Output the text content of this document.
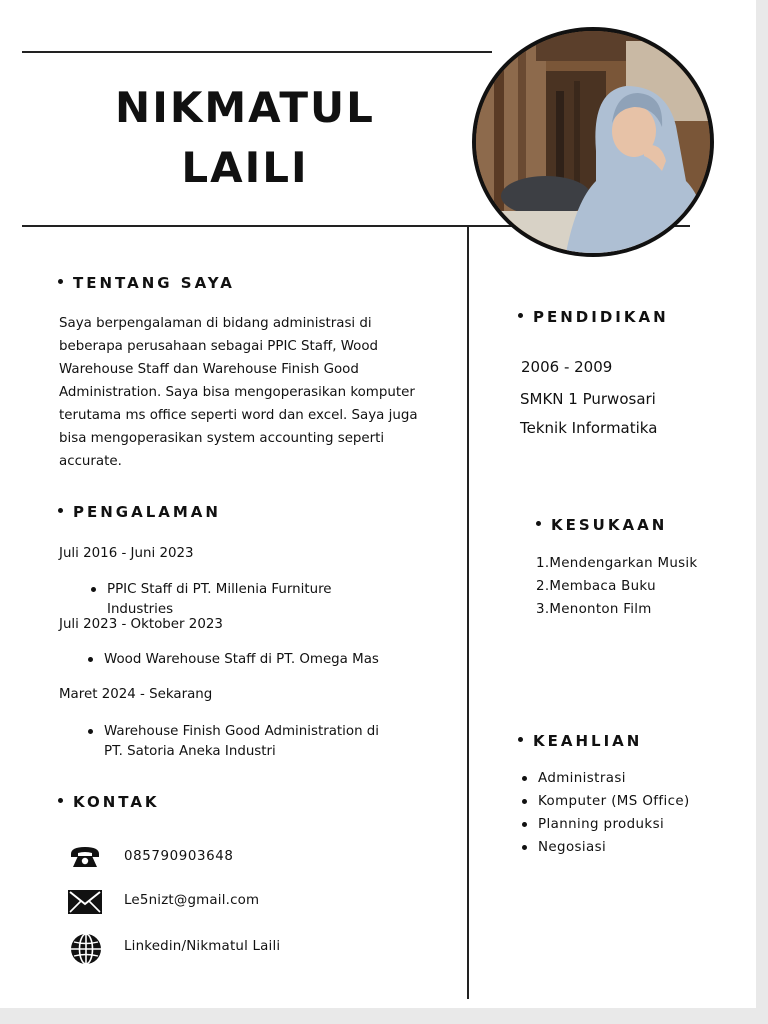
NIKMATUL
LAILI
TENTANG SAYA
Saya berpengalaman di bidang administrasi di
beberapa perusahaan sebagai PPIC Staff, Wood
Warehouse Staff dan Warehouse Finish Good
Administration. Saya bisa mengoperasikan komputer
terutama ms office seperti word dan excel. Saya juga
bisa mengoperasikan system accounting seperti
accurate.
PENGALAMAN
Juli 2016 - Juni 2023
PPIC Staff di PT. Millenia Furniture
Industries
Juli 2023 - Oktober 2023
Wood Warehouse Staff di PT. Omega Mas
Maret 2024 - Sekarang
Warehouse Finish Good Administration di
PT. Satoria Aneka Industri
KONTAK
085790903648
Le5nizt@gmail.com
Linkedin/Nikmatul Laili
PENDIDIKAN
2006 - 2009
SMKN 1 Purwosari
Teknik Informatika
KESUKAAN
1.Mendengarkan Musik
2.Membaca Buku
3.Menonton Film
KEAHLIAN
Administrasi
Komputer (MS Office)
Planning produksi
Negosiasi
